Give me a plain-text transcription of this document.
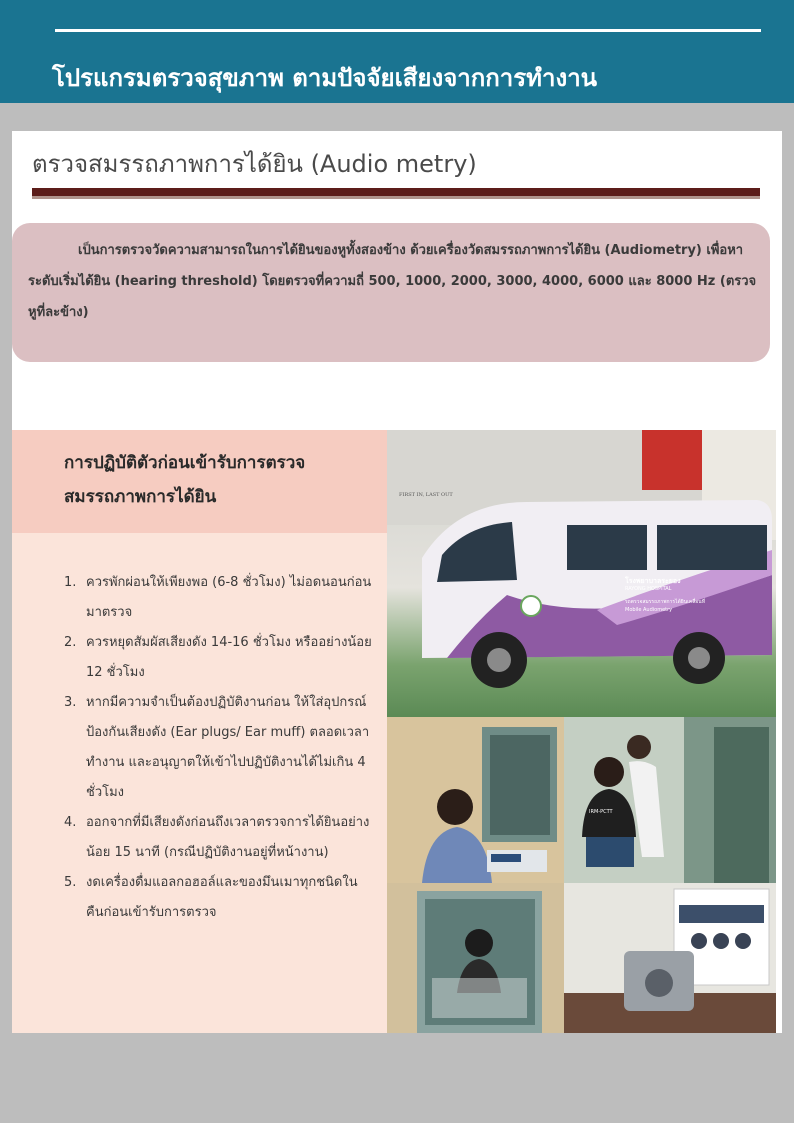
โปรแกรมตรวจสุขภาพ ตามปัจจัยเสียงจากการทำงาน
ตรวจสมรรถภาพการได้ยิน (Audio metry)
เป็นการตรวจวัดความสามารถในการได้ยินของหูทั้งสองข้าง ด้วยเครื่องวัดสมรรถภาพการได้ยิน (Audiometry) เพื่อหาระดับเริ่มได้ยิน (hearing threshold) โดยตรวจที่ความถี่ 500, 1000, 2000, 3000, 4000, 6000 และ 8000 Hz (ตรวจหูที่ละข้าง)
การปฏิบัติตัวก่อนเข้ารับการตรวจสมรรถภาพการได้ยิน
1. ควรพักผ่อนให้เพียงพอ (6-8 ชั่วโมง) ไม่อดนอนก่อนมาตรวจ
2. ควรหยุดสัมผัสเสียงดัง 14-16 ชั่วโมง หรืออย่างน้อย 12 ชั่วโมง
3. หากมีความจำเป็นต้องปฏิบัติงานก่อน ให้ใส่อุปกรณ์ป้องกันเสียงดัง (Ear plugs/ Ear muff) ตลอดเวลาทำงาน และอนุญาตให้เข้าไปปฏิบัติงานได้ไม่เกิน 4 ชั่วโมง
4. ออกจากที่มีเสียงดังก่อนถึงเวลาตรวจการได้ยินอย่างน้อย 15 นาที (กรณีปฏิบัติงานอยู่ที่หน้างาน)
5. งดเครื่องดื่มแอลกอฮอล์และของมึนเมาทุกชนิดในคืนก่อนเข้ารับการตรวจ
FIRST IN, LAST OUT
โรงพยาบาลระยอง
RAYONG HOSPITAL
รถตรวจสมรรถภาพการได้ยินเคลื่อนที่
Mobile Audiometry
IRM-PCTT
